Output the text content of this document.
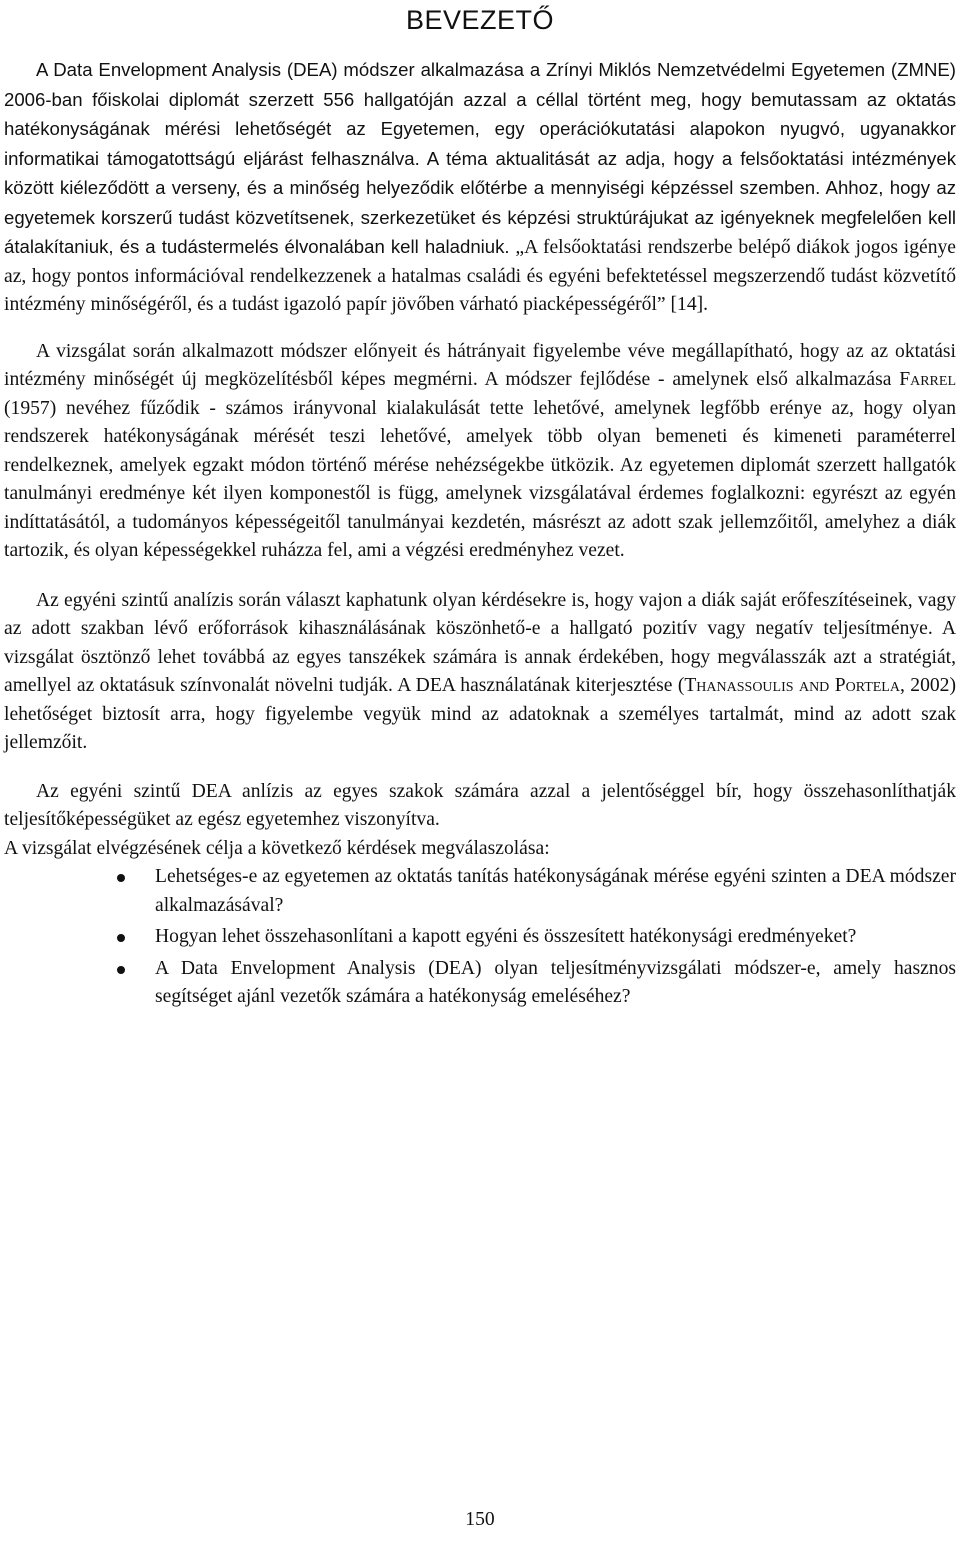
BEVEZETŐ

A Data Envelopment Analysis (DEA) módszer alkalmazása a Zrínyi Miklós Nemzetvédelmi Egyetemen (ZMNE) 2006-ban főiskolai diplomát szerzett 556 hallgatóján azzal a céllal történt meg, hogy bemutassam az oktatás hatékonyságának mérési lehetőségét az Egyetemen, egy operációkutatási alapokon nyugvó, ugyanakkor informatikai támogatottságú eljárást felhasználva. A téma aktualitását az adja, hogy a felsőoktatási intézmények között kiéleződött a verseny, és a minőség helyeződik előtérbe a mennyiségi képzéssel szemben. Ahhoz, hogy az egyetemek korszerű tudást közvetítsenek, szerkezetüket és képzési struktúrájukat az igényeknek megfelelően kell átalakítaniuk, és a tudástermelés élvonalában kell haladniuk. „A felsőoktatási rendszerbe belépő diákok jogos igénye az, hogy pontos információval rendelkezzenek a hatalmas családi és egyéni befektetéssel megszerzendő tudást közvetítő intézmény minőségéről, és a tudást igazoló papír jövőben várható piacképességéről” [14].

A vizsgálat során alkalmazott módszer előnyeit és hátrányait figyelembe véve megállapítható, hogy az az oktatási intézmény minőségét új megközelítésből képes megmérni. A módszer fejlődése - amelynek első alkalmazása Farrel (1957) nevéhez fűződik - számos irányvonal kialakulását tette lehetővé, amelynek legfőbb erénye az, hogy olyan rendszerek hatékonyságának mérését teszi lehetővé, amelyek több olyan bemeneti és kimeneti paraméterrel rendelkeznek, amelyek egzakt módon történő mérése nehézségekbe ütközik. Az egyetemen diplomát szerzett hallgatók tanulmányi eredménye két ilyen komponestől is függ, amelynek vizsgálatával érdemes foglalkozni: egyrészt az egyén indíttatásától, a tudományos képességeitől tanulmányai kezdetén, másrészt az adott szak jellemzőitől, amelyhez a diák tartozik, és olyan képességekkel ruházza fel, ami a végzési eredményhez vezet.

Az egyéni szintű analízis során választ kaphatunk olyan kérdésekre is, hogy vajon a diák saját erőfeszítéseinek, vagy az adott szakban lévő erőforrások kihasználásának köszönhető-e a hallgató pozitív vagy negatív teljesítménye. A vizsgálat ösztönző lehet továbbá az egyes tanszékek számára is annak érdekében, hogy megválasszák azt a stratégiát, amellyel az oktatásuk színvonalát növelni tudják. A DEA használatának kiterjesztése (Thanassoulis and Portela, 2002) lehetőséget biztosít arra, hogy figyelembe vegyük mind az adatoknak a személyes tartalmát, mind az adott szak jellemzőit.

Az egyéni szintű DEA anlízis az egyes szakok számára azzal a jelentőséggel bír, hogy összehasonlíthatják teljesítőképességüket az egész egyetemhez viszonyítva.

A vizsgálat elvégzésének célja a következő kérdések megválaszolása:

Lehetséges-e az egyetemen az oktatás tanítás hatékonyságának mérése egyéni szinten a DEA módszer alkalmazásával?
Hogyan lehet összehasonlítani a kapott egyéni és összesített hatékonysági eredményeket?
A Data Envelopment Analysis (DEA) olyan teljesítményvizsgálati módszer-e, amely hasznos segítséget ajánl vezetők számára a hatékonyság emeléséhez?
150
